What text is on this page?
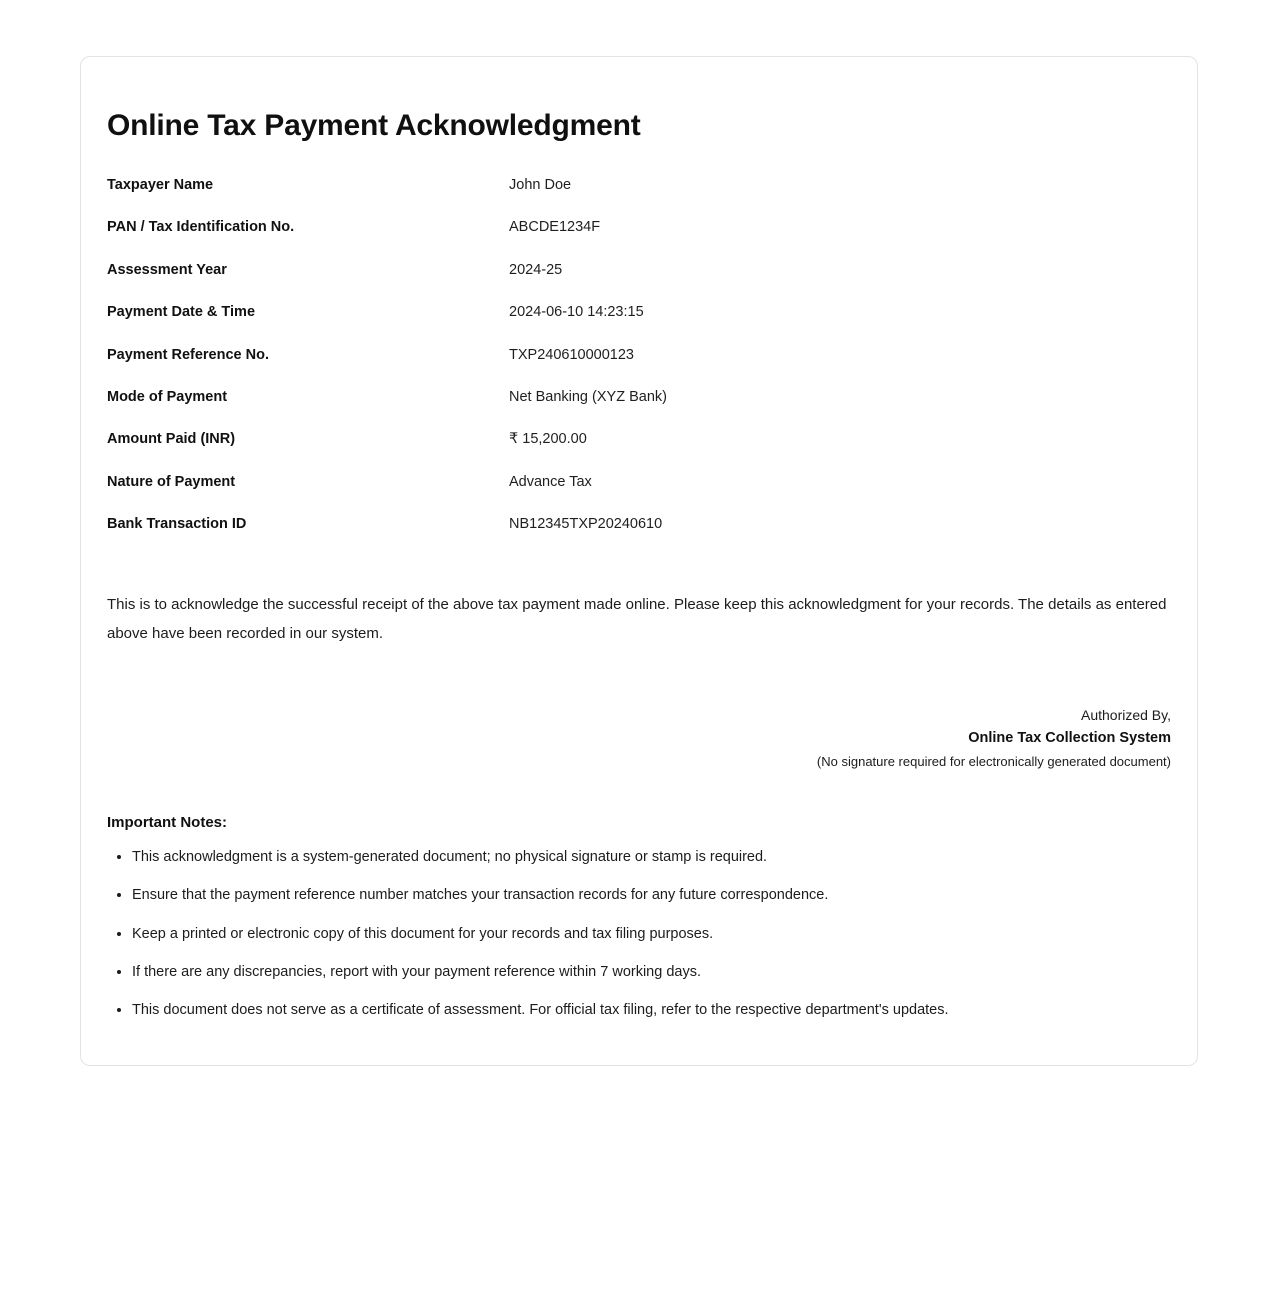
Online Tax Payment Acknowledgment
Taxpayer Name	John Doe
PAN / Tax Identification No.	ABCDE1234F
Assessment Year	2024-25
Payment Date & Time	2024-06-10 14:23:15
Payment Reference No.	TXP240610000123
Mode of Payment	Net Banking (XYZ Bank)
Amount Paid (INR)	₹ 15,200.00
Nature of Payment	Advance Tax
Bank Transaction ID	NB12345TXP20240610

This is to acknowledge the successful receipt of the above tax payment made online. Please keep this acknowledgment for your records. The details as entered above have been recorded in our system.

Authorized By,
Online Tax Collection System
(No signature required for electronically generated document)
Important Notes:
• This acknowledgment is a system-generated document; no physical signature or stamp is required.
• Ensure that the payment reference number matches your transaction records for any future correspondence.
• Keep a printed or electronic copy of this document for your records and tax filing purposes.
• If there are any discrepancies, report with your payment reference within 7 working days.
• This document does not serve as a certificate of assessment. For official tax filing, refer to the respective department's updates.
